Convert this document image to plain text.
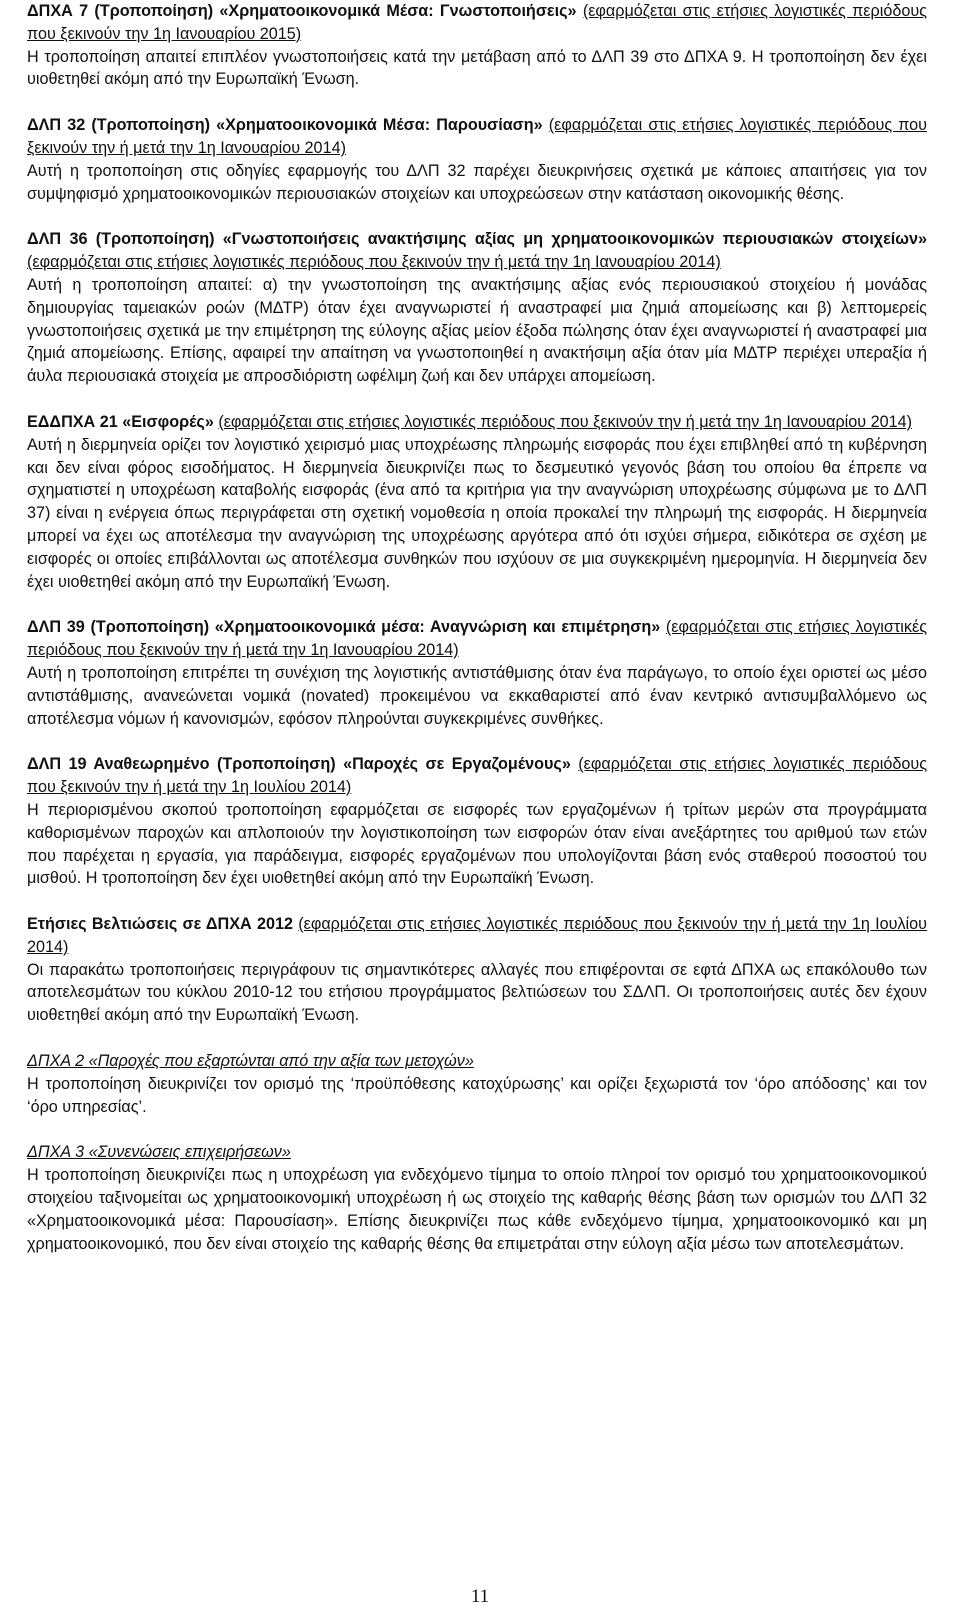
ΔΠΧΑ 7 (Τροποποίηση) «Χρηματοοικονομικά Μέσα: Γνωστοποιήσεις» (εφαρμόζεται στις ετήσιες λογιστικές περιόδους που ξεκινούν την 1η Ιανουαρίου 2015)

Η τροποποίηση απαιτεί επιπλέον γνωστοποιήσεις κατά την μετάβαση από το ΔΛΠ 39 στο ΔΠΧΑ 9. Η τροποποίηση δεν έχει υιοθετηθεί ακόμη από την Ευρωπαϊκή Ένωση.

ΔΛΠ 32 (Τροποποίηση) «Χρηματοοικονομικά Μέσα: Παρουσίαση» (εφαρμόζεται στις ετήσιες λογιστικές περιόδους που ξεκινούν την ή μετά την 1η Ιανουαρίου 2014)

Αυτή η τροποποίηση στις οδηγίες εφαρμογής του ΔΛΠ 32 παρέχει διευκρινήσεις σχετικά με κάποιες απαιτήσεις για τον συμψηφισμό χρηματοοικονομικών περιουσιακών στοιχείων και υποχρεώσεων στην κατάσταση οικονομικής θέσης.

ΔΛΠ 36 (Τροποποίηση) «Γνωστοποιήσεις ανακτήσιμης αξίας μη χρηματοοικονομικών περιουσιακών στοιχείων» (εφαρμόζεται στις ετήσιες λογιστικές περιόδους που ξεκινούν την ή μετά την 1η Ιανουαρίου 2014)

Αυτή η τροποποίηση απαιτεί: α) την γνωστοποίηση της ανακτήσιμης αξίας ενός περιουσιακού στοιχείου ή μονάδας δημιουργίας ταμειακών ροών (ΜΔΤΡ) όταν έχει αναγνωριστεί ή αναστραφεί μια ζημιά απομείωσης και β) λεπτομερείς γνωστοποιήσεις σχετικά με την επιμέτρηση της εύλογης αξίας μείον έξοδα πώλησης όταν έχει αναγνωριστεί ή αναστραφεί μια ζημιά απομείωσης. Επίσης, αφαιρεί την απαίτηση να γνωστοποιηθεί η ανακτήσιμη αξία όταν μία ΜΔΤΡ περιέχει υπεραξία ή άυλα περιουσιακά στοιχεία με απροσδιόριστη ωφέλιμη ζωή και δεν υπάρχει απομείωση.

ΕΔΔΠΧΑ 21 «Εισφορές» (εφαρμόζεται στις ετήσιες λογιστικές περιόδους που ξεκινούν την ή μετά την 1η Ιανουαρίου 2014)

Αυτή η διερμηνεία ορίζει τον λογιστικό χειρισμό μιας υποχρέωσης πληρωμής εισφοράς που έχει επιβληθεί από τη κυβέρνηση και δεν είναι φόρος εισοδήματος. Η διερμηνεία διευκρινίζει πως το δεσμευτικό γεγονός βάση του οποίου θα έπρεπε να σχηματιστεί η υποχρέωση καταβολής εισφοράς (ένα από τα κριτήρια για την αναγνώριση υποχρέωσης σύμφωνα με το ΔΛΠ 37) είναι η ενέργεια όπως περιγράφεται στη σχετική νομοθεσία η οποία προκαλεί την πληρωμή της εισφοράς. Η διερμηνεία μπορεί να έχει ως αποτέλεσμα την αναγνώριση της υποχρέωσης αργότερα από ότι ισχύει σήμερα, ειδικότερα σε σχέση με εισφορές οι οποίες επιβάλλονται ως αποτέλεσμα συνθηκών που ισχύουν σε μια συγκεκριμένη ημερομηνία. Η διερμηνεία δεν έχει υιοθετηθεί ακόμη από την Ευρωπαϊκή Ένωση.

ΔΛΠ 39 (Τροποποίηση) «Χρηματοοικονομικά μέσα: Αναγνώριση και επιμέτρηση» (εφαρμόζεται στις ετήσιες λογιστικές περιόδους που ξεκινούν την ή μετά την 1η Ιανουαρίου 2014)

Αυτή η τροποποίηση επιτρέπει τη συνέχιση της λογιστικής αντιστάθμισης όταν ένα παράγωγο, το οποίο έχει οριστεί ως μέσο αντιστάθμισης, ανανεώνεται νομικά (novated) προκειμένου να εκκαθαριστεί από έναν κεντρικό αντισυμβαλλόμενο ως αποτέλεσμα νόμων ή κανονισμών, εφόσον πληρούνται συγκεκριμένες συνθήκες.

ΔΛΠ 19 Αναθεωρημένο (Τροποποίηση) «Παροχές σε Εργαζομένους» (εφαρμόζεται στις ετήσιες λογιστικές περιόδους που ξεκινούν την ή μετά την 1η Ιουλίου 2014)

Η περιορισμένου σκοπού τροποποίηση εφαρμόζεται σε εισφορές των εργαζομένων ή τρίτων μερών στα προγράμματα καθορισμένων παροχών και απλοποιούν την λογιστικοποίηση των εισφορών όταν είναι ανεξάρτητες του αριθμού των ετών που παρέχεται η εργασία, για παράδειγμα, εισφορές εργαζομένων που υπολογίζονται βάση ενός σταθερού ποσοστού του μισθού. Η τροποποίηση δεν έχει υιοθετηθεί ακόμη από την Ευρωπαϊκή Ένωση.

Ετήσιες Βελτιώσεις σε ΔΠΧΑ 2012 (εφαρμόζεται στις ετήσιες λογιστικές περιόδους που ξεκινούν την ή μετά την 1η Ιουλίου 2014)

Οι παρακάτω τροποποιήσεις περιγράφουν τις σημαντικότερες αλλαγές που επιφέρονται σε εφτά ΔΠΧΑ ως επακόλουθο των αποτελεσμάτων του κύκλου 2010-12 του ετήσιου προγράμματος βελτιώσεων του ΣΔΛΠ. Οι τροποποιήσεις αυτές δεν έχουν υιοθετηθεί ακόμη από την Ευρωπαϊκή Ένωση.

ΔΠΧΑ 2 «Παροχές που εξαρτώνται από την αξία των μετοχών»

Η τροποποίηση διευκρινίζει τον ορισμό της ‘προϋπόθεσης κατοχύρωσης’ και ορίζει ξεχωριστά τον ‘όρο απόδοσης’ και τον ‘όρο υπηρεσίας’.

ΔΠΧΑ 3 «Συνενώσεις επιχειρήσεων»

Η τροποποίηση διευκρινίζει πως η υποχρέωση για ενδεχόμενο τίμημα το οποίο πληροί τον ορισμό του χρηματοοικονομικού στοιχείου ταξινομείται ως χρηματοοικονομική υποχρέωση ή ως στοιχείο της καθαρής θέσης βάση των ορισμών του ΔΛΠ 32 «Χρηματοοικονομικά μέσα: Παρουσίαση». Επίσης διευκρινίζει πως κάθε ενδεχόμενο τίμημα, χρηματοοικονομικό και μη χρηματοοικονομικό, που δεν είναι στοιχείο της καθαρής θέσης θα επιμετράται στην εύλογη αξία μέσω των αποτελεσμάτων.

11
